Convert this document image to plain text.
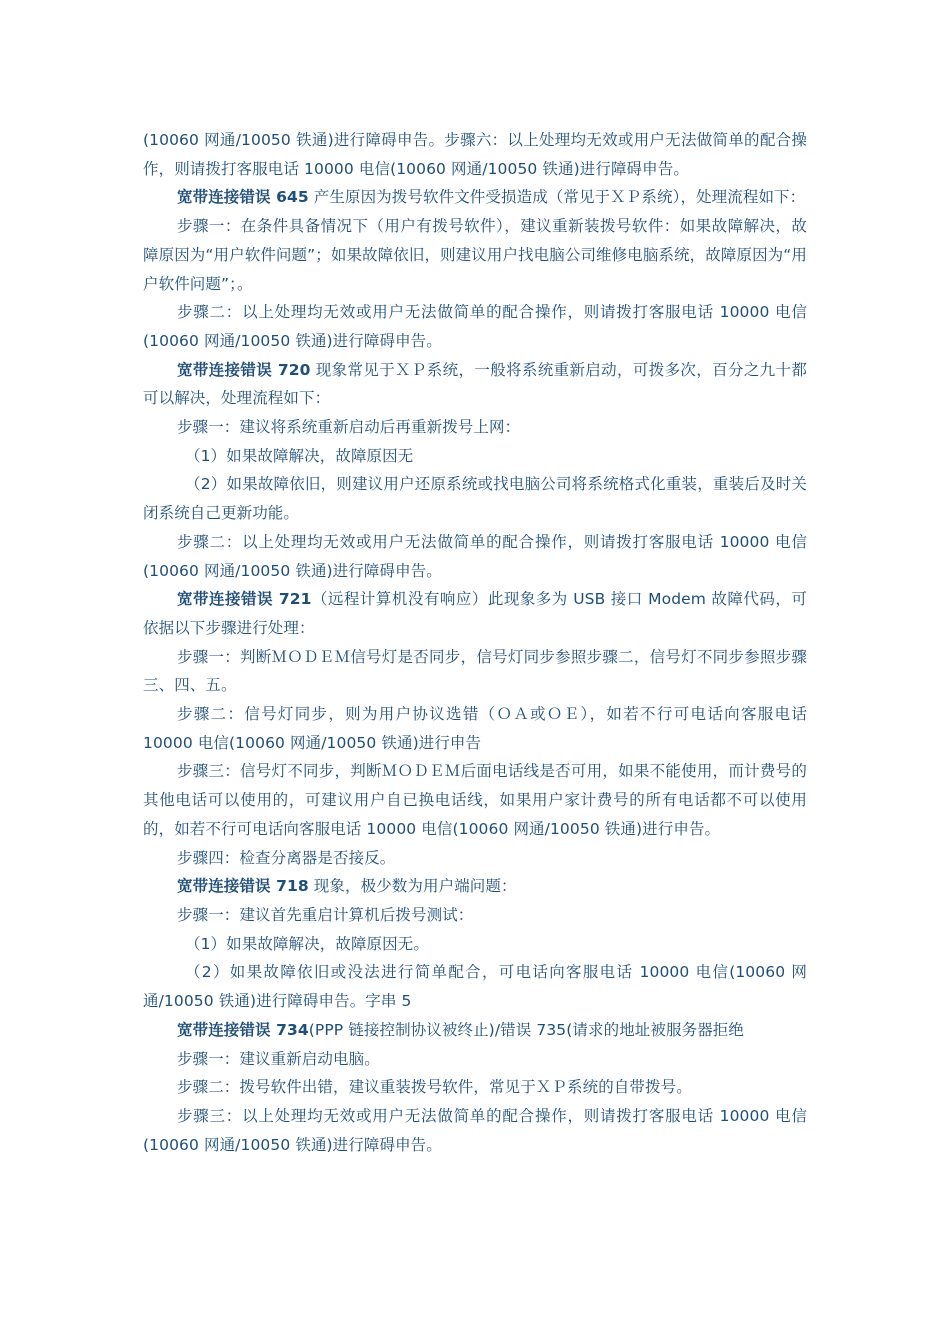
(10060 网通/10050 铁通)进行障碍申告。步骤六：以上处理均无效或用户无法做简单的配合操作，则请拨打客服电话 10000 电信(10060 网通/10050 铁通)进行障碍申告。

宽带连接错误 645 产生原因为拨号软件文件受损造成（常见于ＸＰ系统），处理流程如下：

步骤一：在条件具备情况下（用户有拨号软件），建议重新装拨号软件：如果故障解决，故障原因为“用户软件问题”；如果故障依旧，则建议用户找电脑公司维修电脑系统，故障原因为“用户软件问题”；。

步骤二：以上处理均无效或用户无法做简单的配合操作，则请拨打客服电话 10000 电信(10060 网通/10050 铁通)进行障碍申告。

宽带连接错误 720 现象常见于ＸＰ系统，一般将系统重新启动，可拨多次，百分之九十都可以解决，处理流程如下：

步骤一：建议将系统重新启动后再重新拨号上网：

（1）如果故障解决，故障原因无

（2）如果故障依旧，则建议用户还原系统或找电脑公司将系统格式化重装，重装后及时关闭系统自己更新功能。

步骤二：以上处理均无效或用户无法做简单的配合操作，则请拨打客服电话 10000 电信(10060 网通/10050 铁通)进行障碍申告。

宽带连接错误 721（远程计算机没有响应）此现象多为 USB 接口 Modem 故障代码，可依据以下步骤进行处理：

步骤一：判断ＭＯＤＥＭ信号灯是否同步，信号灯同步参照步骤二，信号灯不同步参照步骤三、四、五。

步骤二：信号灯同步，则为用户协议选错（ＯＡ或ＯＥ），如若不行可电话向客服电话 10000 电信(10060 网通/10050 铁通)进行申告

步骤三：信号灯不同步，判断ＭＯＤＥＭ后面电话线是否可用，如果不能使用，而计费号的其他电话可以使用的，可建议用户自已换电话线，如果用户家计费号的所有电话都不可以使用的，如若不行可电话向客服电话 10000 电信(10060 网通/10050 铁通)进行申告。

步骤四：检查分离器是否接反。

宽带连接错误 718 现象，极少数为用户端问题：

步骤一：建议首先重启计算机后拨号测试：

（1）如果故障解决，故障原因无。

（2）如果故障依旧或没法进行简单配合，可电话向客服电话 10000 电信(10060 网通/10050 铁通)进行障碍申告。字串 5

宽带连接错误 734(PPP 链接控制协议被终止)/错误 735(请求的地址被服务器拒绝

步骤一：建议重新启动电脑。

步骤二：拨号软件出错，建议重装拨号软件，常见于ＸＰ系统的自带拨号。

步骤三：以上处理均无效或用户无法做简单的配合操作，则请拨打客服电话 10000 电信(10060 网通/10050 铁通)进行障碍申告。
